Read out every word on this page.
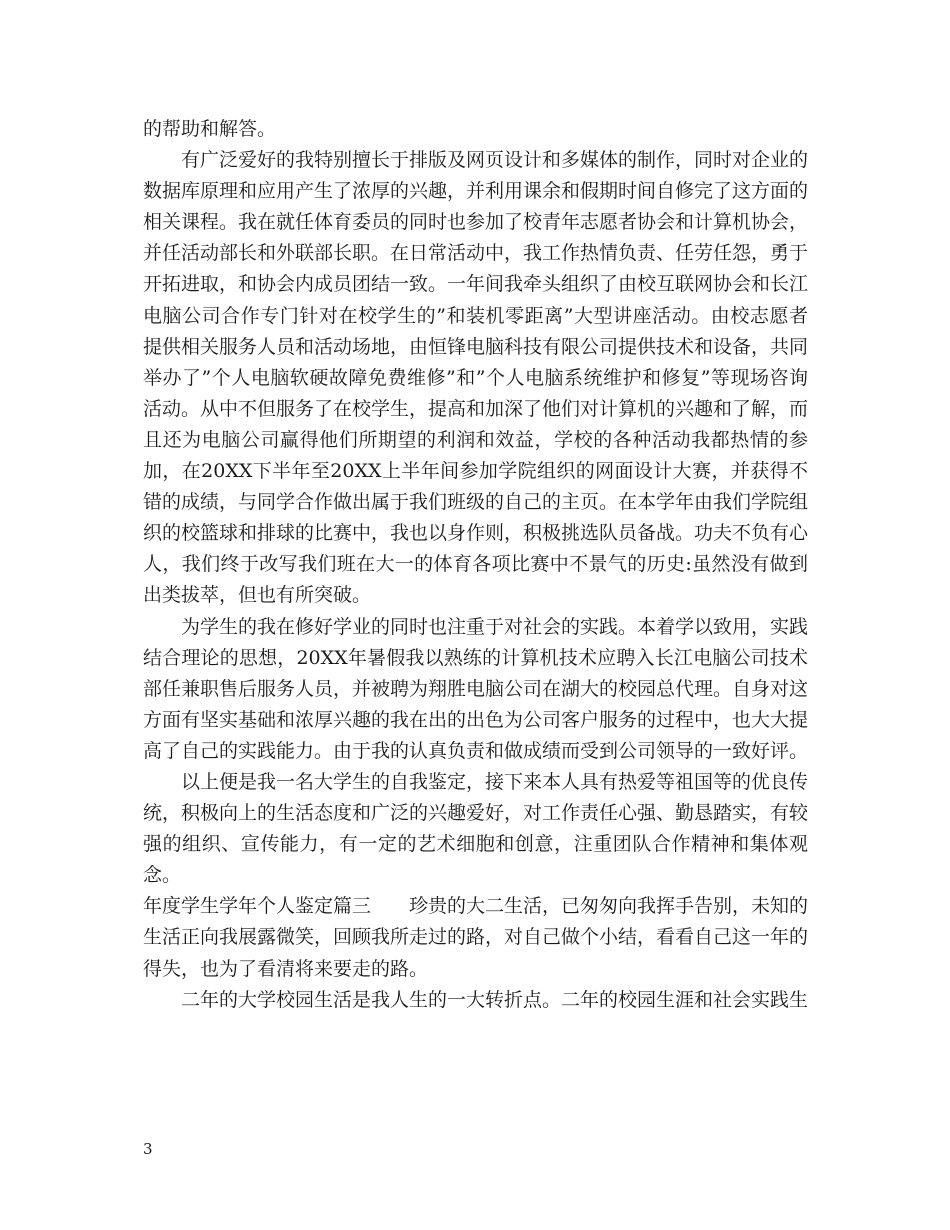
的帮助和解答。

有广泛爱好的我特别擅长于排版及网页设计和多媒体的制作，同时对企业的数据库原理和应用产生了浓厚的兴趣，并利用课余和假期时间自修完了这方面的相关课程。我在就任体育委员的同时也参加了校青年志愿者协会和计算机协会，并任活动部长和外联部长职。在日常活动中，我工作热情负责、任劳任怨，勇于开拓进取，和协会内成员团结一致。一年间我牵头组织了由校互联网协会和长江电脑公司合作专门针对在校学生的”和装机零距离”大型讲座活动。由校志愿者提供相关服务人员和活动场地，由恒锋电脑科技有限公司提供技术和设备，共同举办了”个人电脑软硬故障免费维修”和”个人电脑系统维护和修复”等现场咨询活动。从中不但服务了在校学生，提高和加深了他们对计算机的兴趣和了解，而且还为电脑公司赢得他们所期望的利润和效益，学校的各种活动我都热情的参加，在20XX下半年至20XX上半年间参加学院组织的网面设计大赛，并获得不错的成绩，与同学合作做出属于我们班级的自己的主页。在本学年由我们学院组织的校篮球和排球的比赛中，我也以身作则，积极挑选队员备战。功夫不负有心人，我们终于改写我们班在大一的体育各项比赛中不景气的历史:虽然没有做到出类拔萃，但也有所突破。

为学生的我在修好学业的同时也注重于对社会的实践。本着学以致用，实践结合理论的思想，20XX年暑假我以熟练的计算机技术应聘入长江电脑公司技术部任兼职售后服务人员，并被聘为翔胜电脑公司在湖大的校园总代理。自身对这方面有坚实基础和浓厚兴趣的我在出的出色为公司客户服务的过程中，也大大提高了自己的实践能力。由于我的认真负责和做成绩而受到公司领导的一致好评。

以上便是我一名大学生的自我鉴定，接下来本人具有热爱等祖国等的优良传统，积极向上的生活态度和广泛的兴趣爱好，对工作责任心强、勤恳踏实，有较强的组织、宣传能力，有一定的艺术细胞和创意，注重团队合作精神和集体观念。

年度学生学年个人鉴定篇三　　珍贵的大二生活，已匆匆向我挥手告别，未知的生活正向我展露微笑，回顾我所走过的路，对自己做个小结，看看自己这一年的得失，也为了看清将来要走的路。

二年的大学校园生活是我人生的一大转折点。二年的校园生涯和社会实践生

3
